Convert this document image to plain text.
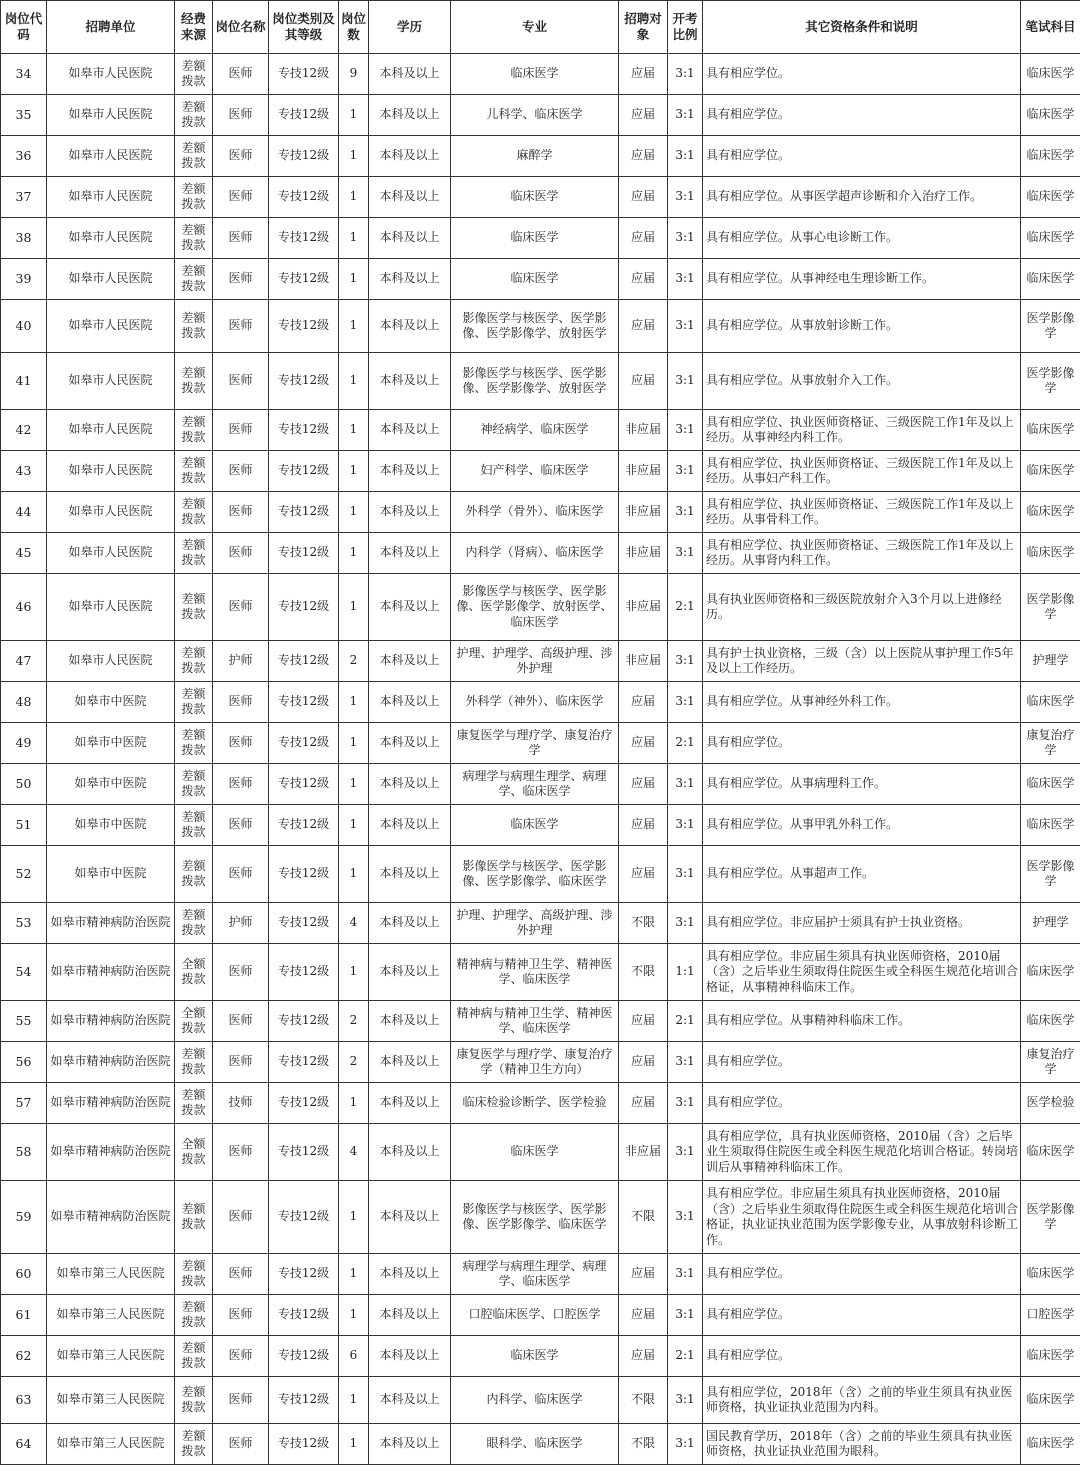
岗位代码	招聘单位	经费来源	岗位名称	岗位类别及其等级	岗位数	学历	专业	招聘对象	开考比例	其它资格条件和说明	笔试科目
34	如皋市人民医院	差额拨款	医师	专技12级	9	本科及以上	临床医学	应届	3:1	具有相应学位。	临床医学
35	如皋市人民医院	差额拨款	医师	专技12级	1	本科及以上	儿科学、临床医学	应届	3:1	具有相应学位。	临床医学
36	如皋市人民医院	差额拨款	医师	专技12级	1	本科及以上	麻醉学	应届	3:1	具有相应学位。	临床医学
37	如皋市人民医院	差额拨款	医师	专技12级	1	本科及以上	临床医学	应届	3:1	具有相应学位。从事医学超声诊断和介入治疗工作。	临床医学
38	如皋市人民医院	差额拨款	医师	专技12级	1	本科及以上	临床医学	应届	3:1	具有相应学位。从事心电诊断工作。	临床医学
39	如皋市人民医院	差额拨款	医师	专技12级	1	本科及以上	临床医学	应届	3:1	具有相应学位。从事神经电生理诊断工作。	临床医学
40	如皋市人民医院	差额拨款	医师	专技12级	1	本科及以上	影像医学与核医学、医学影像、医学影像学、放射医学	应届	3:1	具有相应学位。从事放射诊断工作。	医学影像学
41	如皋市人民医院	差额拨款	医师	专技12级	1	本科及以上	影像医学与核医学、医学影像、医学影像学、放射医学	应届	3:1	具有相应学位。从事放射介入工作。	医学影像学
42	如皋市人民医院	差额拨款	医师	专技12级	1	本科及以上	神经病学、临床医学	非应届	3:1	具有相应学位、执业医师资格证、三级医院工作1年及以上经历。从事神经内科工作。	临床医学
43	如皋市人民医院	差额拨款	医师	专技12级	1	本科及以上	妇产科学、临床医学	非应届	3:1	具有相应学位、执业医师资格证、三级医院工作1年及以上经历。从事妇产科工作。	临床医学
44	如皋市人民医院	差额拨款	医师	专技12级	1	本科及以上	外科学（骨外）、临床医学	非应届	3:1	具有相应学位、执业医师资格证、三级医院工作1年及以上经历。从事骨科工作。	临床医学
45	如皋市人民医院	差额拨款	医师	专技12级	1	本科及以上	内科学（肾病）、临床医学	非应届	3:1	具有相应学位、执业医师资格证、三级医院工作1年及以上经历。从事肾内科工作。	临床医学
46	如皋市人民医院	差额拨款	医师	专技12级	1	本科及以上	影像医学与核医学、医学影像、医学影像学、放射医学、临床医学	非应届	2:1	具有执业医师资格和三级医院放射介入3个月以上进修经历。	医学影像学
47	如皋市人民医院	差额拨款	护师	专技12级	2	本科及以上	护理、护理学、高级护理、涉外护理	非应届	3:1	具有护士执业资格，三级（含）以上医院从事护理工作5年及以上工作经历。	护理学
48	如皋市中医院	差额拨款	医师	专技12级	1	本科及以上	外科学（神外）、临床医学	应届	3:1	具有相应学位。从事神经外科工作。	临床医学
49	如皋市中医院	差额拨款	医师	专技12级	1	本科及以上	康复医学与理疗学、康复治疗学	应届	2:1	具有相应学位。	康复治疗学
50	如皋市中医院	差额拨款	医师	专技12级	1	本科及以上	病理学与病理生理学、病理学、临床医学	应届	3:1	具有相应学位。从事病理科工作。	临床医学
51	如皋市中医院	差额拨款	医师	专技12级	1	本科及以上	临床医学	应届	3:1	具有相应学位。从事甲乳外科工作。	临床医学
52	如皋市中医院	差额拨款	医师	专技12级	1	本科及以上	影像医学与核医学、医学影像、医学影像学、临床医学	应届	3:1	具有相应学位。从事超声工作。	医学影像学
53	如皋市精神病防治医院	差额拨款	护师	专技12级	4	本科及以上	护理、护理学、高级护理、涉外护理	不限	3:1	具有相应学位。非应届护士须具有护士执业资格。	护理学
54	如皋市精神病防治医院	全额拨款	医师	专技12级	1	本科及以上	精神病与精神卫生学、精神医学、临床医学	不限	1:1	具有相应学位。非应届生须具有执业医师资格，2010届（含）之后毕业生须取得住院医生或全科医生规范化培训合格证，从事精神科临床工作。	临床医学
55	如皋市精神病防治医院	全额拨款	医师	专技12级	2	本科及以上	精神病与精神卫生学、精神医学、临床医学	应届	2:1	具有相应学位。从事精神科临床工作。	临床医学
56	如皋市精神病防治医院	差额拨款	医师	专技12级	2	本科及以上	康复医学与理疗学、康复治疗学（精神卫生方向）	应届	3:1	具有相应学位。	康复治疗学
57	如皋市精神病防治医院	差额拨款	技师	专技12级	1	本科及以上	临床检验诊断学、医学检验	应届	3:1	具有相应学位。	医学检验
58	如皋市精神病防治医院	全额拨款	医师	专技12级	4	本科及以上	临床医学	非应届	3:1	具有相应学位，具有执业医师资格，2010届（含）之后毕业生须取得住院医生或全科医生规范化培训合格证。转岗培训后从事精神科临床工作。	临床医学
59	如皋市精神病防治医院	差额拨款	医师	专技12级	1	本科及以上	影像医学与核医学、医学影像、医学影像学、临床医学	不限	3:1	具有相应学位。非应届生须具有执业医师资格，2010届（含）之后毕业生须取得住院医生或全科医生规范化培训合格证，执业证执业范围为医学影像专业，从事放射科诊断工作。	医学影像学
60	如皋市第三人民医院	差额拨款	医师	专技12级	1	本科及以上	病理学与病理生理学、病理学、临床医学	应届	3:1	具有相应学位。	临床医学
61	如皋市第三人民医院	差额拨款	医师	专技12级	1	本科及以上	口腔临床医学、口腔医学	应届	3:1	具有相应学位。	口腔医学
62	如皋市第三人民医院	差额拨款	医师	专技12级	6	本科及以上	临床医学	应届	2:1	具有相应学位。	临床医学
63	如皋市第三人民医院	差额拨款	医师	专技12级	1	本科及以上	内科学、临床医学	不限	3:1	具有相应学位，2018年（含）之前的毕业生须具有执业医师资格，执业证执业范围为内科。	临床医学
64	如皋市第三人民医院	差额拨款	医师	专技12级	1	本科及以上	眼科学、临床医学	不限	3:1	国民教育学历，2018年（含）之前的毕业生须具有执业医师资格，执业证执业范围为眼科。	临床医学
